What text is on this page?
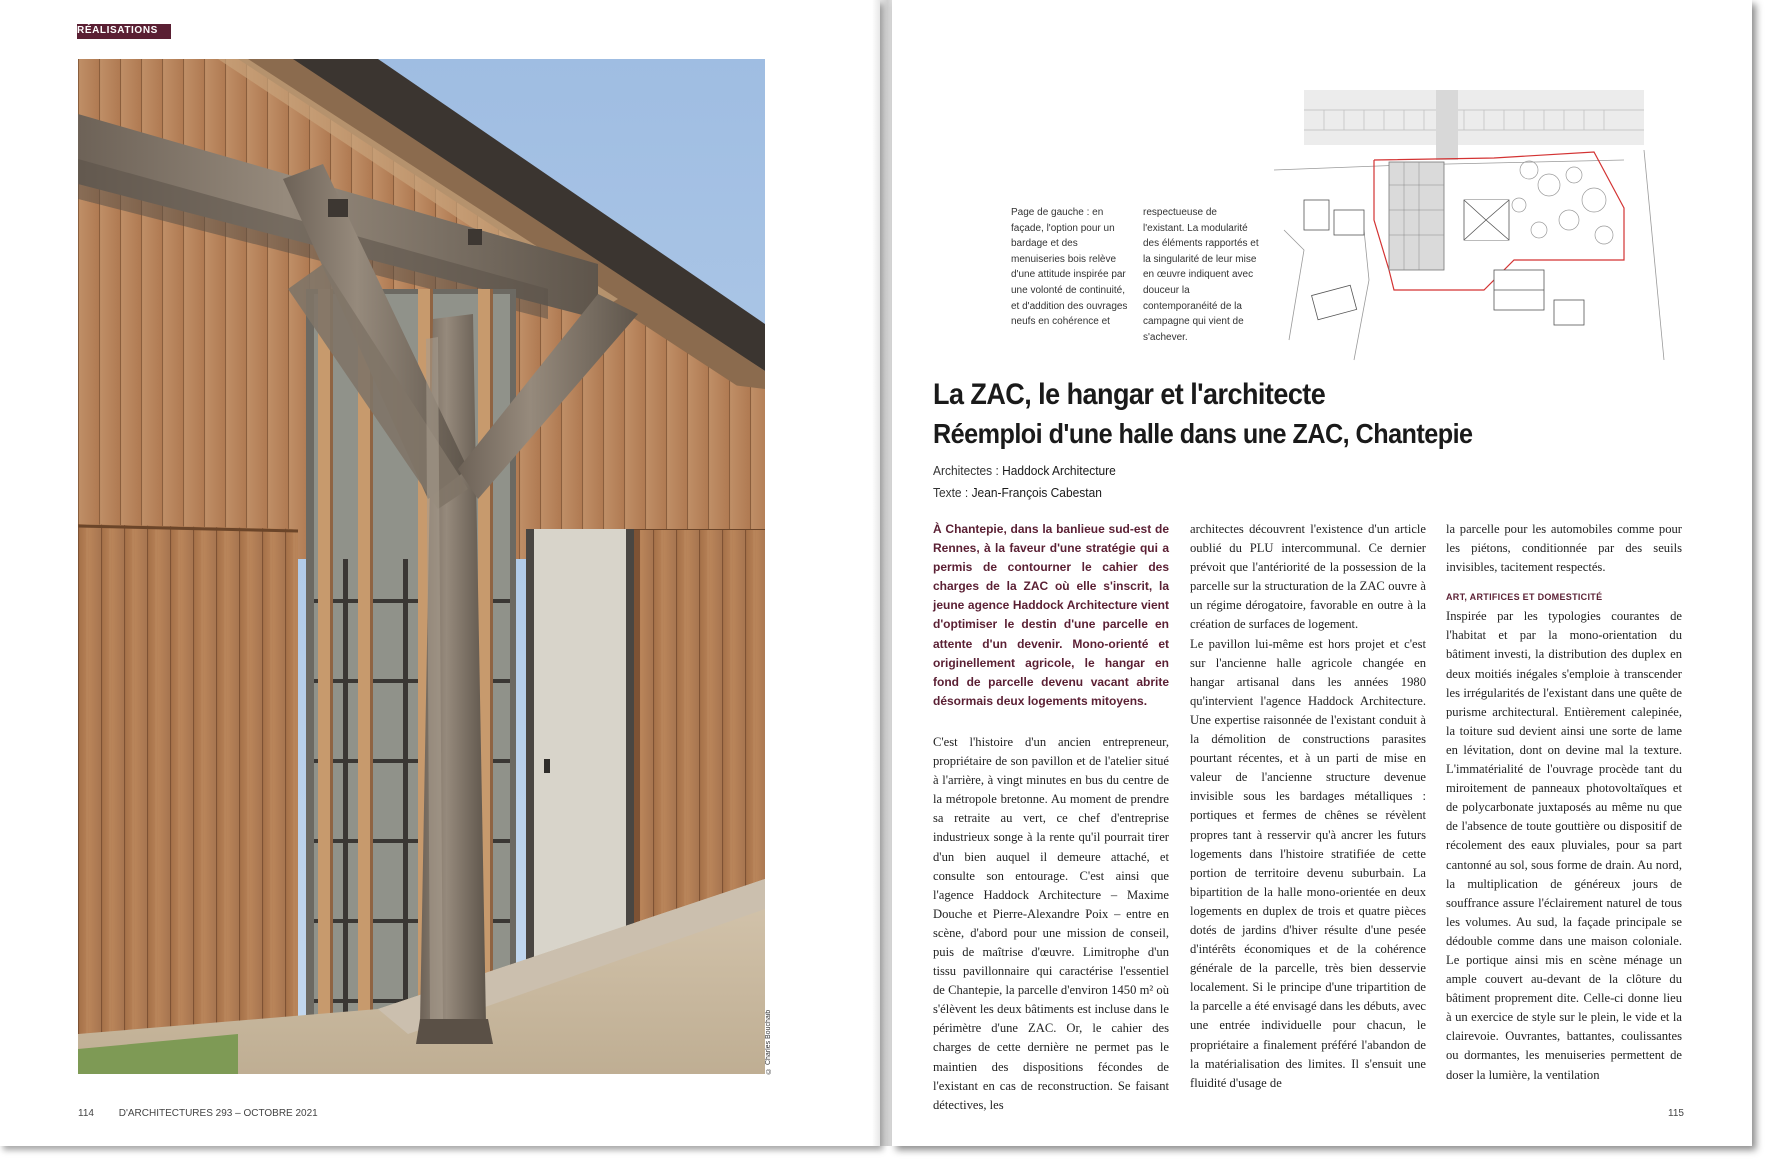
RÉALISATIONS
© Charles Bouchaib
114 D'ARCHITECTURES 293 – OCTOBRE 2021
Page de gauche : en façade, l'option pour un bardage et des menuiseries bois relève d'une attitude inspirée par une volonté de continuité, et d'addition des ouvrages neufs en cohérence et
respectueuse de l'existant. La modularité des éléments rapportés et la singularité de leur mise en œuvre indiquent avec douceur la contemporanéité de la campagne qui vient de s'achever.
La ZAC, le hangar et l'architecte
Réemploi d'une halle dans une ZAC, Chantepie
Architectes : Haddock Architecture
Texte : Jean-François Cabestan

À Chantepie, dans la banlieue sud-est de Rennes, à la faveur d'une stratégie qui a permis de contourner le cahier des charges de la ZAC où elle s'inscrit, la jeune agence Haddock Architecture vient d'optimiser le destin d'une parcelle en attente d'un devenir. Mono-orienté et originellement agricole, le hangar en fond de parcelle devenu vacant abrite désormais deux logements mitoyens.

C'est l'histoire d'un ancien entrepreneur, propriétaire de son pavillon et de l'atelier situé à l'arrière, à vingt minutes en bus du centre de la métropole bretonne. Au moment de prendre sa retraite au vert, ce chef d'entreprise industrieux songe à la rente qu'il pourrait tirer d'un bien auquel il demeure attaché, et consulte son entourage. C'est ainsi que l'agence Haddock Architecture – Maxime Douche et Pierre-Alexandre Poix – entre en scène, d'abord pour une mission de conseil, puis de maîtrise d'œuvre. Limitrophe d'un tissu pavillonnaire qui caractérise l'essentiel de Chantepie, la parcelle d'environ 1450 m² où s'élèvent les deux bâtiments est incluse dans le périmètre d'une ZAC. Or, le cahier des charges de cette dernière ne permet pas le maintien des dispositions fécondes de l'existant en cas de reconstruction. Se faisant détectives, les

architectes découvrent l'existence d'un article oublié du PLU intercommunal. Ce dernier prévoit que l'antériorité de la possession de la parcelle sur la structuration de la ZAC ouvre à un régime dérogatoire, favorable en outre à la création de surfaces de logement.

Le pavillon lui-même est hors projet et c'est sur l'ancienne halle agricole changée en hangar artisanal dans les années 1980 qu'intervient l'agence Haddock Architecture. Une expertise raisonnée de l'existant conduit à la démolition de constructions parasites pourtant récentes, et à un parti de mise en valeur de l'ancienne structure devenue invisible sous les bardages métalliques : portiques et fermes de chênes se révèlent propres tant à resservir qu'à ancrer les futurs logements dans l'histoire stratifiée de cette portion de territoire devenu suburbain. La bipartition de la halle mono-orientée en deux logements en duplex de trois et quatre pièces dotés de jardins d'hiver résulte d'une pesée d'intérêts économiques et de la cohérence générale de la parcelle, très bien desservie localement. Si le principe d'une tripartition de la parcelle a été envisagé dans les débuts, avec une entrée individuelle pour chacun, le propriétaire a finalement préféré l'abandon de la matérialisation des limites. Il s'ensuit une fluidité d'usage de

la parcelle pour les automobiles comme pour les piétons, conditionnée par des seuils invisibles, tacitement respectés.

ART, ARTIFICES ET DOMESTICITÉ

Inspirée par les typologies courantes de l'habitat et par la mono-orientation du bâtiment investi, la distribution des duplex en deux moitiés inégales s'emploie à transcender les irrégularités de l'existant dans une quête de purisme architectural. Entièrement calepinée, la toiture sud devient ainsi une sorte de lame en lévitation, dont on devine mal la texture. L'immatérialité de l'ouvrage procède tant du miroitement de panneaux photovoltaïques et de polycarbonate juxtaposés au même nu que de l'absence de toute gouttière ou dispositif de récolement des eaux pluviales, pour sa part cantonné au sol, sous forme de drain. Au nord, la multiplication de généreux jours de souffrance assure l'éclairement naturel de tous les volumes. Au sud, la façade principale se dédouble comme dans une maison coloniale. Le portique ainsi mis en scène ménage un ample couvert au-devant de la clôture du bâtiment proprement dite. Celle-ci donne lieu à un exercice de style sur le plein, le vide et la clairevoie. Ouvrantes, battantes, coulissantes ou dormantes, les menuiseries permettent de doser la lumière, la ventilation

115
